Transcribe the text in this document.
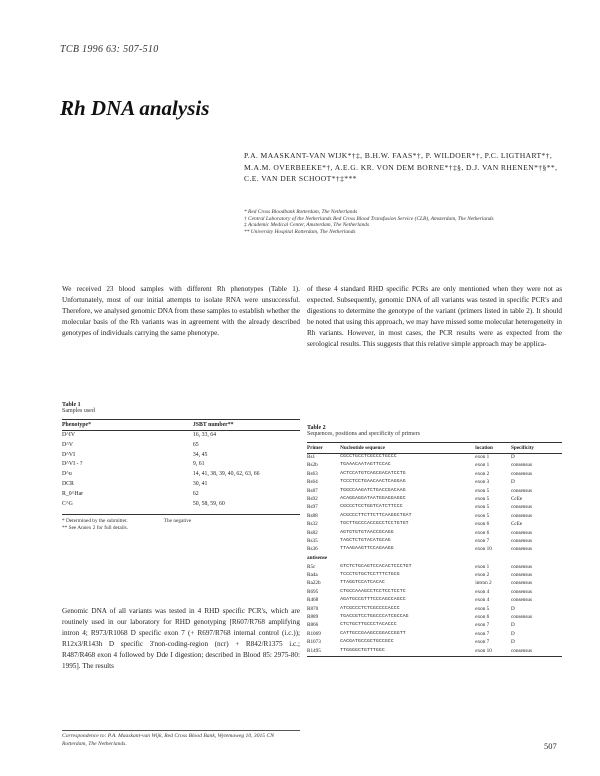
TCB 1996 63: 507-510
Rh DNA analysis
P.A. MAASKANT-VAN WIJK*†‡, B.H.W. FAAS*†, P. WILDOER*†, P.C. LIGTHART*†, M.A.M. OVERBEEKE*†, A.E.G. KR. VON DEM BORNE*†‡§, D.J. VAN RHENEN*†§**, C.E. VAN DER SCHOOT*†‡***
* Red Cross Bloodbank Rotterdam, The Netherlands
† Central Laboratory of the Netherlands Red Cross Blood Transfusion Service (CLB), Amsterdam, The Netherlands
‡ Academic Medical Center, Amsterdam, The Netherlands
** University Hospital Rotterdam, The Netherlands

We received 23 blood samples with different Rh phenotypes (Table 1). Unfortunately, most of our initial attempts to isolate RNA were unsuccessful. Therefore, we analysed genomic DNA from these samples to establish whether the molecular basis of the Rh variants was in agreement with the already described genotypes of individuals carrying the same phenotype.

of these 4 standard RHD specific PCRs are only mentioned when they were not as expected. Subsequently, genomic DNA of all variants was tested in specific PCR's and digestions to determine the genotype of the variant (primers listed in table 2). It should be noted that using this approach, we may have missed some molecular heterogeneity in Rh variants. However, in most cases, the PCR results were as expected from the serological results. This suggests that this relative simple approach may be applica-

Table 1
Samples used
Phenotype*	JSBT number**
D^IV	16, 33, 64
D^V	65
D^VI	34, 45
D^VI - ?	9, 61
D^u	14, 41, 38, 39, 40, 62, 63, 66
DCR	30, 41
R_0^Har	62
C^G	50, 58, 59, 60
* Determined by the submitter.	The negative
** See Annex 2 for full details.

Genomic DNA of all variants was tested in 4 RHD specific PCR's, which are routinely used in our laboratory for RHD genotyping [R607/R768 amplifying intron 4; R973/R1068 D specific exon 7 (+ R697/R768 internal control (i.c.)); R12x3/R143h D specific 3'non-coding-region (ncr) + R842/R1375 i.c.; R487/R468 exon 4 followed by Dde I digestion; described in Blood 85: 2975-80: 1995]. The results

Table 2
Sequences, positions and specificity of primers
Primer	Nucleotide sequence	location	Specificity
Rs1	CGCCTGCCTCGCCCTGCCC	exon 1	D
Rs2b	TGAAACAATAGTTCCAC	exon 1	consensus
Rs63	ACTCCATGTCAGCGACATCCTG	exon 2	consensus
Rs64	TCCCTCCTGAACAACTCAGGAG	exon 3	D
Rs87	TGGCCAAGATCTGACCGACAAG	exon 5	consensus
Rs92	ACAGGAGGATAATGGAGGAGGC	exon 5	CcEe
Rs97	CGCCCTCCTGGTCATCTTCCC	exon 5	consensus
Rs88	ACGCCCTTCTTCTTCAAGGCTGAT	exon 5	consensus
Rs32	TGCTTGCCCACCGCCTCCTGTGT	exon 6	CcEe
Rs82	AGTGTGTGTAACCGCAGG	exon 6	consensus
Rs35	TAGCTCTGTACATGCAG	exon 7	consensus
Rs36	TTAAGAAGTTCCAGAAGG	exon 10	consensus
antisense			
R5c	GTCTCTGCAGTCCACACTCCCTGT	exon 1	consensus
Ra4a	TCCCTGTGCTCCTTTCTGCG	exon 2	consensus
Ra22b	TTAGGTCCATCACAC	intron 2	consensus
R695	CTGCCAAAGCCTCCTCCTCCTC	exon 4	consensus
R468	AGATGCCGTTTCCCAGCCAGCC	exon 4	consensus
R870	ATCGCCCTCTCGCCCCACCC	exon 5	D
R889	TGACCGTCCTGGCCCATCGCCAG	exon 6	consensus
R866	CTCTGCTTGCCCTACACCC	exon 7	D
R1069	CATTGCCGAAGCCGGACCGGTT	exon 7	D
R1073	CACGATGCCGCTGCCGCC	exon 7	D
R1495	TTGGGGCTGTTTGGC	exon 10	consensus
Correspondence to: P.A. Maaskant-van Wijk, Red Cross Blood Bank, Wytemaweg 10, 3015 CN Rotterdam, The Netherlands.	507
